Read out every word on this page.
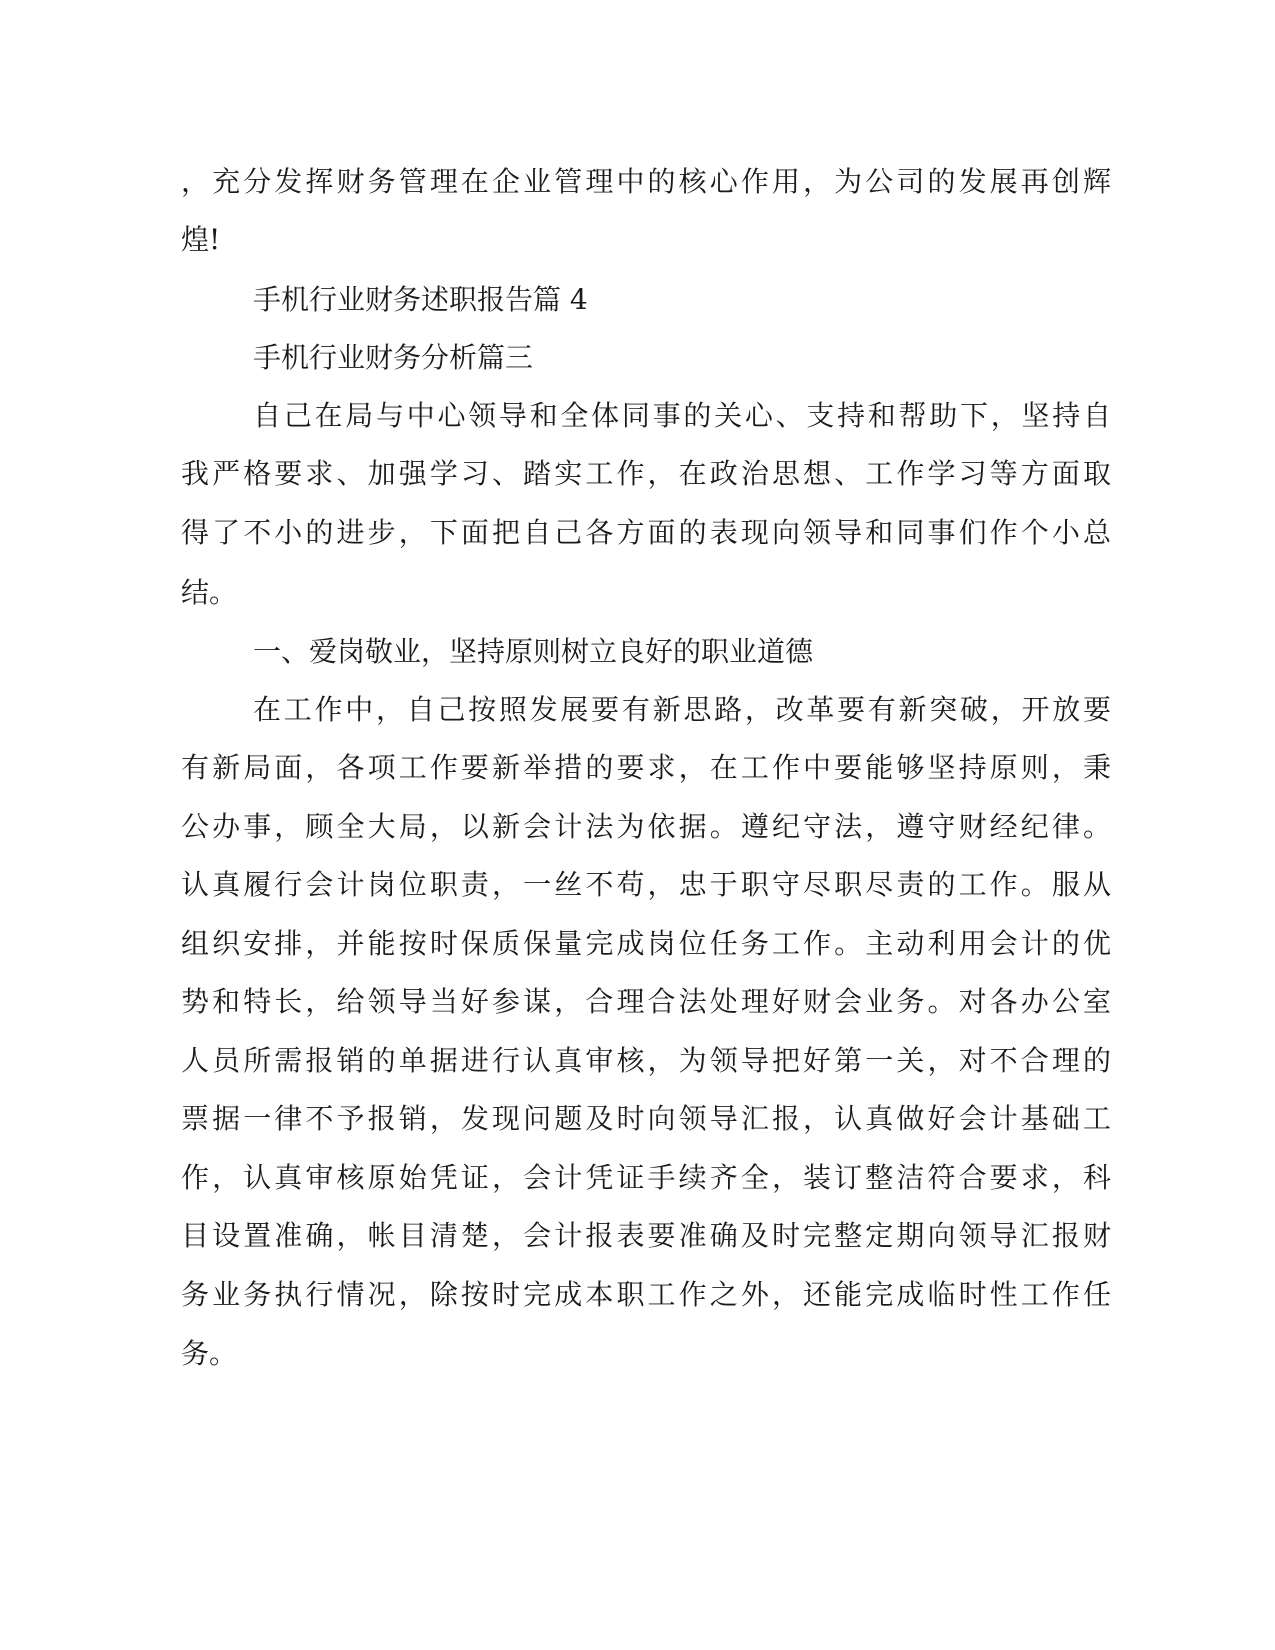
，充分发挥财务管理在企业管理中的核心作用，为公司的发展再创辉
煌!
手机行业财务述职报告篇 4
手机行业财务分析篇三
自己在局与中心领导和全体同事的关心、支持和帮助下，坚持自
我严格要求、加强学习、踏实工作，在政治思想、工作学习等方面取
得了不小的进步，下面把自己各方面的表现向领导和同事们作个小总
结。
一、爱岗敬业，坚持原则树立良好的职业道德
在工作中，自己按照发展要有新思路，改革要有新突破，开放要
有新局面，各项工作要新举措的要求，在工作中要能够坚持原则，秉
公办事，顾全大局，以新会计法为依据。遵纪守法，遵守财经纪律。
认真履行会计岗位职责，一丝不苟，忠于职守尽职尽责的工作。服从
组织安排，并能按时保质保量完成岗位任务工作。主动利用会计的优
势和特长，给领导当好参谋，合理合法处理好财会业务。对各办公室
人员所需报销的单据进行认真审核，为领导把好第一关，对不合理的
票据一律不予报销，发现问题及时向领导汇报，认真做好会计基础工
作，认真审核原始凭证，会计凭证手续齐全，装订整洁符合要求，科
目设置准确，帐目清楚，会计报表要准确及时完整定期向领导汇报财
务业务执行情况，除按时完成本职工作之外，还能完成临时性工作任
务。
